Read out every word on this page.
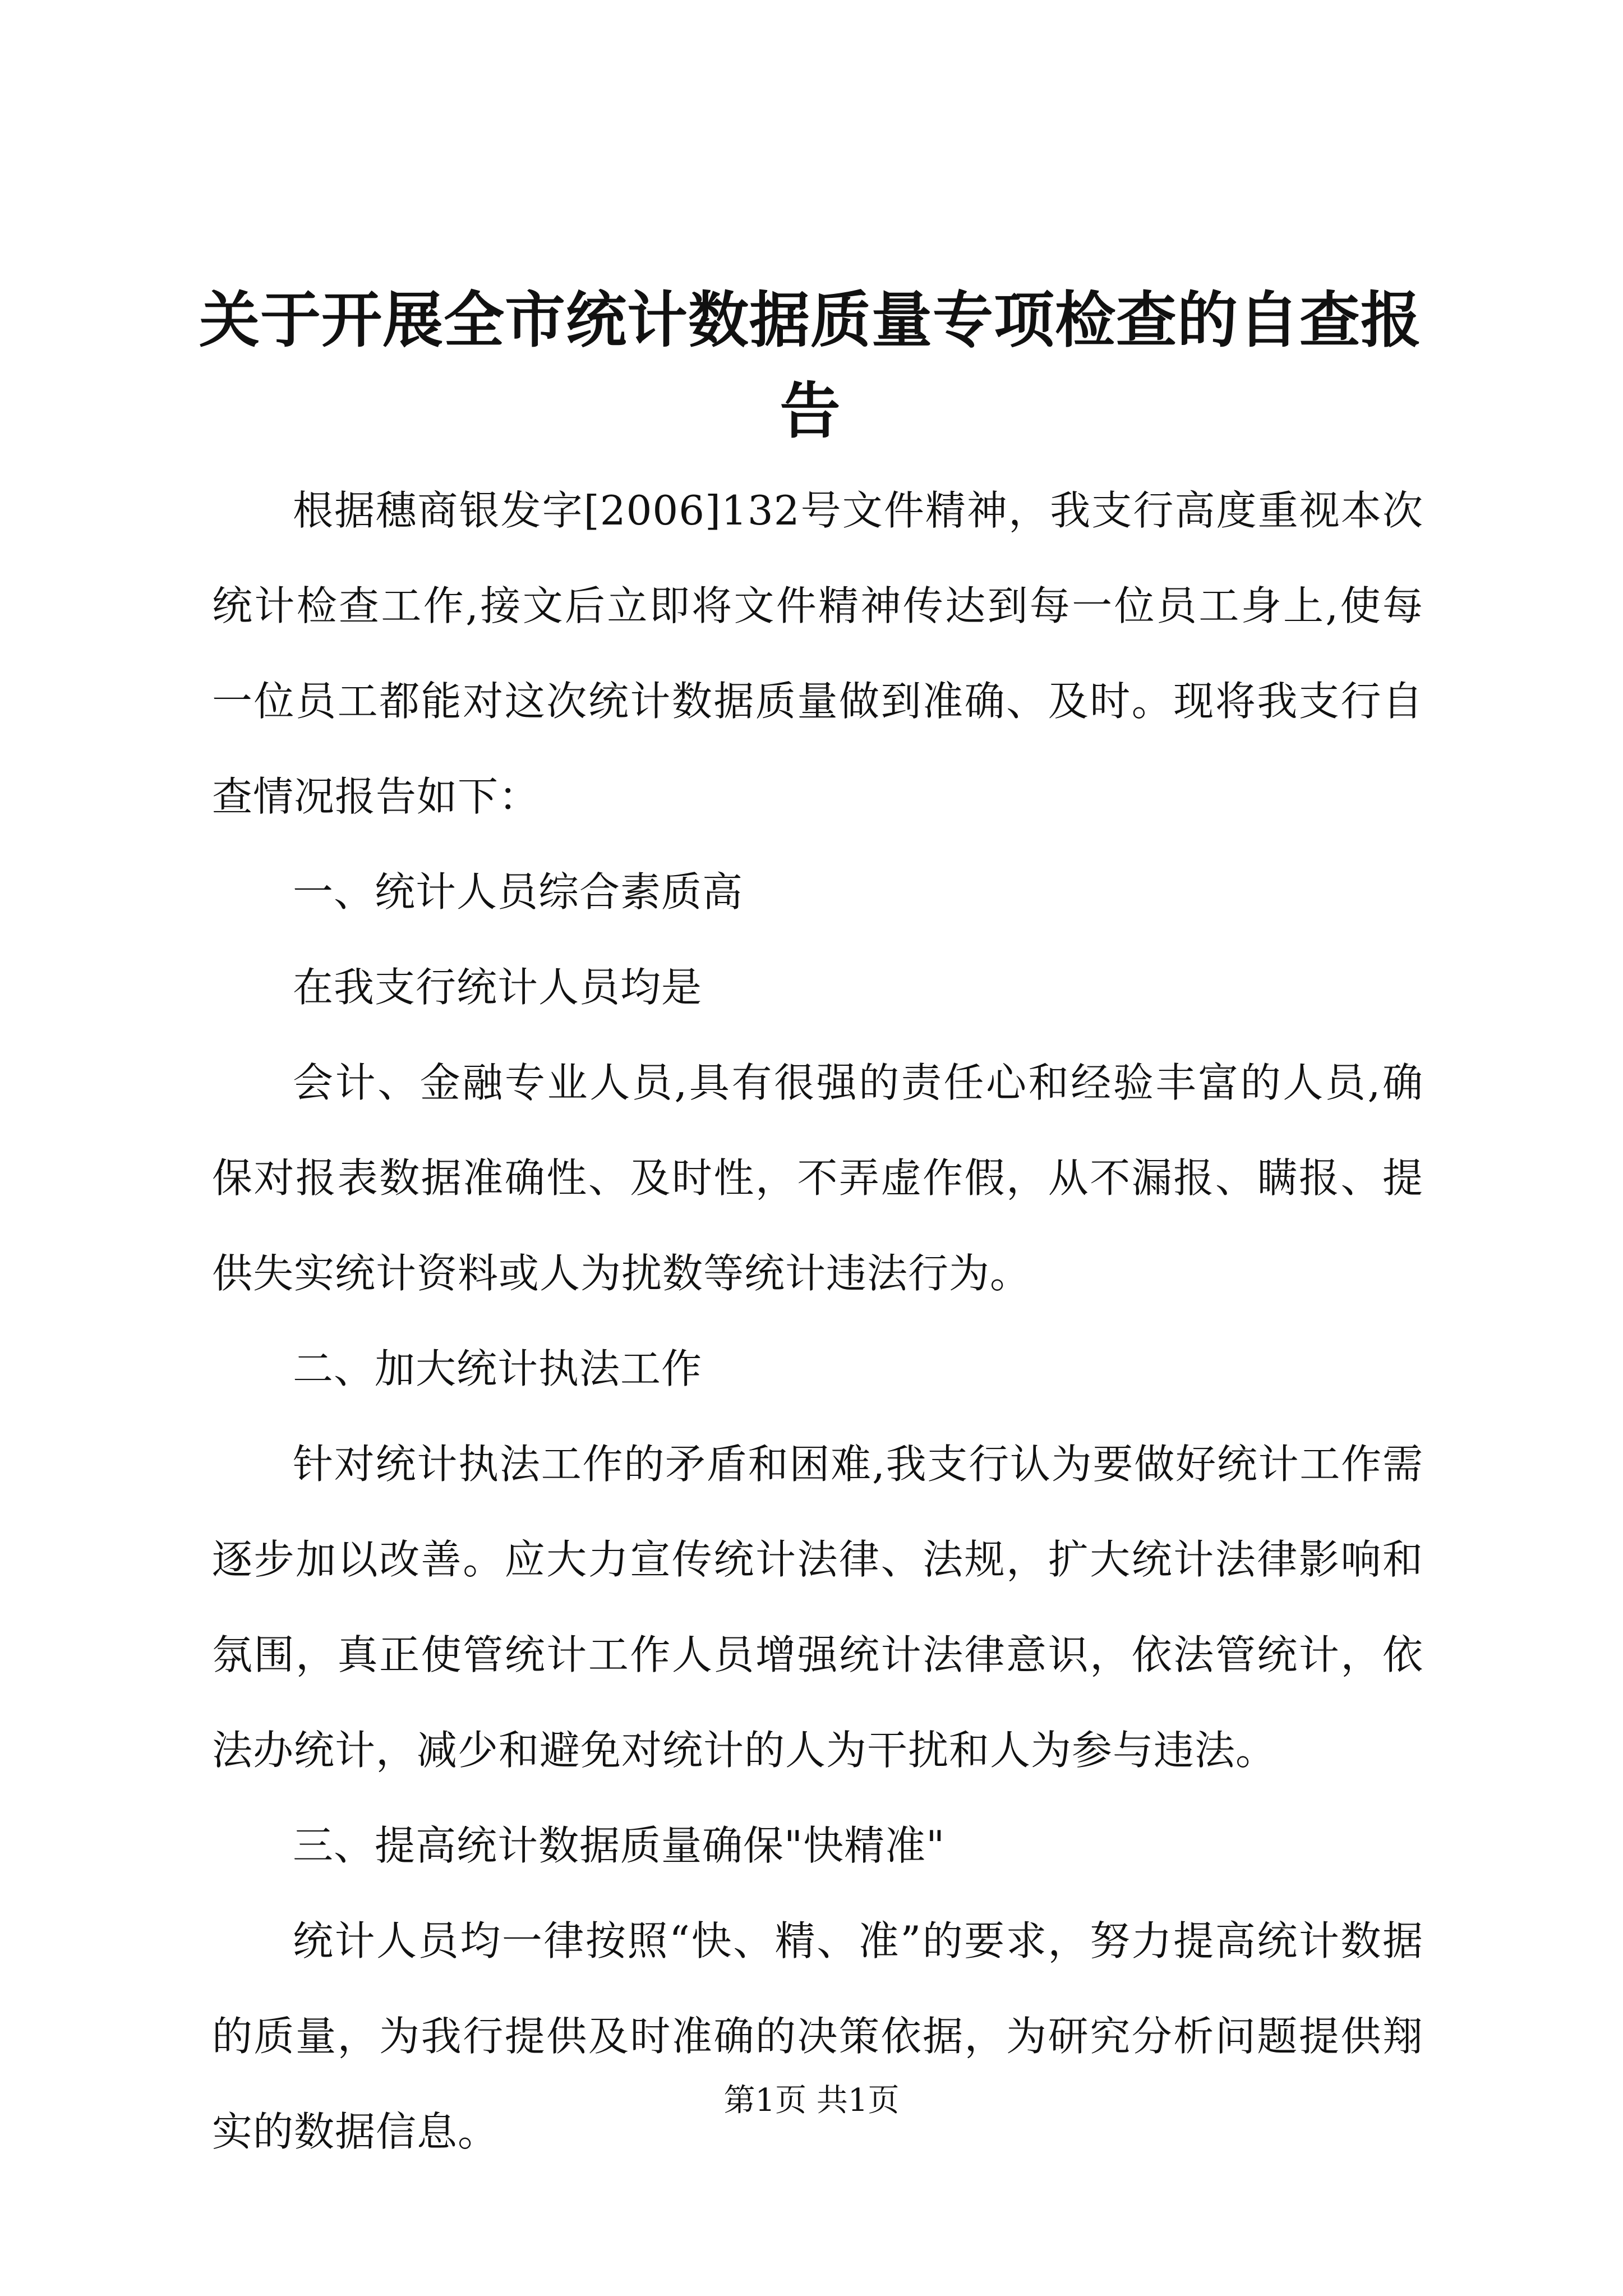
关于开展全市统计数据质量专项检查的自查报告

根据穗商银发字[2006]132号文件精神，我支行高度重视本次统计检查工作,接文后立即将文件精神传达到每一位员工身上,使每一位员工都能对这次统计数据质量做到准确、及时。现将我支行自查情况报告如下：

一、统计人员综合素质高

在我支行统计人员均是

会计、金融专业人员,具有很强的责任心和经验丰富的人员,确保对报表数据准确性、及时性，不弄虚作假，从不漏报、瞒报、提供失实统计资料或人为扰数等统计违法行为。

二、加大统计执法工作

针对统计执法工作的矛盾和困难,我支行认为要做好统计工作需逐步加以改善。应大力宣传统计法律、法规，扩大统计法律影响和氛围，真正使管统计工作人员增强统计法律意识，依法管统计，依法办统计，减少和避免对统计的人为干扰和人为参与违法。

三、提高统计数据质量确保"快精准"

统计人员均一律按照“快、精、准”的要求，努力提高统计数据的质量，为我行提供及时准确的决策依据，为研究分析问题提供翔实的数据信息。

第1页 共1页
